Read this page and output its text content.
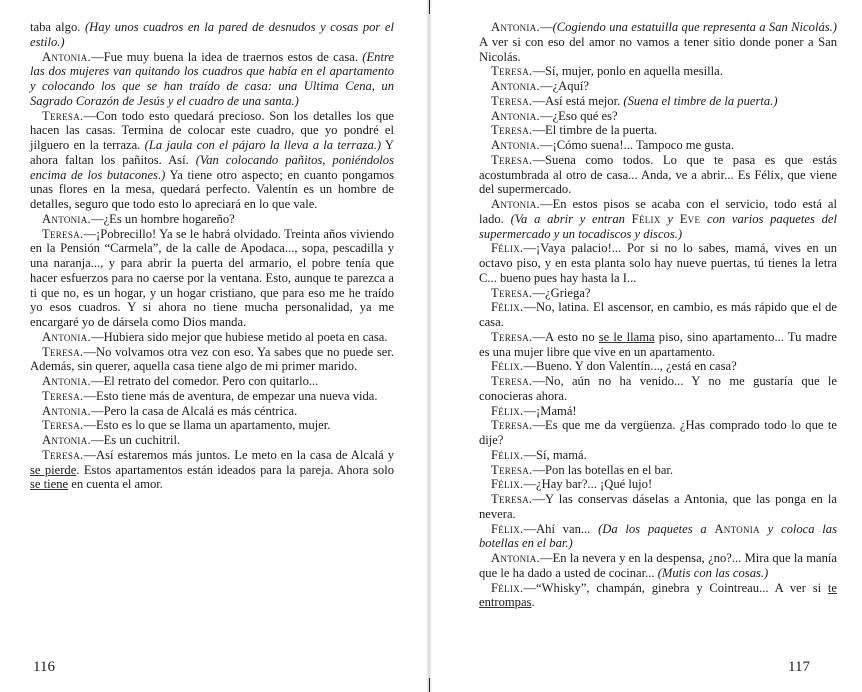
taba algo. (Hay unos cuadros en la pared de desnudos y cosas por el estilo.)

Antonia.—Fue muy buena la idea de traernos estos de casa. (Entre las dos mujeres van quitando los cuadros que había en el apartamento y colocando los que se han traído de casa: una Ultima Cena, un Sagrado Corazón de Jesús y el cuadro de una santa.)

Teresa.—Con todo esto quedará precioso. Son los detalles los que hacen las casas. Termina de colocar este cuadro, que yo pondré el jilguero en la terraza. (La jaula con el pájaro la lleva a la terraza.) Y ahora faltan los pañitos. Así. (Van colocando pañitos, poniéndolos encima de los butacones.) Ya tiene otro aspecto; en cuanto pongamos unas flores en la mesa, quedará perfecto. Valentín es un hombre de detalles, seguro que todo esto lo apreciará en lo que vale.

Antonia.—¿Es un hombre hogareño?

Teresa.—¡Pobrecillo! Ya se le habrá olvidado. Treinta años viviendo en la Pensión “Carmela”, de la calle de Apodaca..., sopa, pescadilla y una naranja..., y para abrir la puerta del armario, el pobre tenía que hacer esfuerzos para no caerse por la ventana. Esto, aunque te parezca a ti que no, es un hogar, y un hogar cristiano, que para eso me he traído yo esos cuadros. Y si ahora no tiene mucha personalidad, ya me encargaré yo de dársela como Dios manda.

Antonia.—Hubiera sido mejor que hubiese metido al poeta en casa.

Teresa.—No volvamos otra vez con eso. Ya sabes que no puede ser. Además, sin querer, aquella casa tiene algo de mi primer marido.

Antonia.—El retrato del comedor. Pero con quitarlo...

Teresa.—Esto tiene más de aventura, de empezar una nueva vida.

Antonia.—Pero la casa de Alcalá es más céntrica.

Teresa.—Esto es lo que se llama un apartamento, mujer.

Antonia.—Es un cuchitril.

Teresa.—Así estaremos más juntos. Le meto en la casa de Alcalá y se pierde. Estos apartamentos están ideados para la pareja. Ahora solo se tiene en cuenta el amor.

116

Antonia.—(Cogiendo una estatuilla que representa a San Nicolás.) A ver si con eso del amor no vamos a tener sitio donde poner a San Nicolás.

Teresa.—Sí, mujer, ponlo en aquella mesilla.

Antonia.—¿Aquí?

Teresa.—Así está mejor. (Suena el timbre de la puerta.)

Antonia.—¿Eso qué es?

Teresa.—El timbre de la puerta.

Antonia.—¡Cómo suena!... Tampoco me gusta.

Teresa.—Suena como todos. Lo que te pasa es que estás acostumbrada al otro de casa... Anda, ve a abrir... Es Félix, que viene del supermercado.

Antonia.—En estos pisos se acaba con el servicio, todo está al lado. (Va a abrir y entran Félix y Eve con varios paquetes del supermercado y un tocadiscos y discos.)

Félix.—¡Vaya palacio!... Por si no lo sabes, mamá, vives en un octavo piso, y en esta planta solo hay nueve puertas, tú tienes la letra C... bueno pues hay hasta la I...

Teresa.—¿Griega?

Félix.—No, latina. El ascensor, en cambio, es más rápido que el de casa.

Teresa.—A esto no se le llama piso, sino apartamento... Tu madre es una mujer libre que vive en un apartamento.

Félix.—Bueno. Y don Valentín..., ¿está en casa?

Teresa.—No, aún no ha venido... Y no me gustaría que le conocieras ahora.

Félix.—¡Mamá!

Teresa.—Es que me da vergüenza. ¿Has comprado todo lo que te dije?

Félix.—Sí, mamá.

Teresa.—Pon las botellas en el bar.

Félix.—¿Hay bar?... ¡Qué lujo!

Teresa.—Y las conservas dáselas a Antonia, que las ponga en la nevera.

Félix.—Ahí van... (Da los paquetes a Antonia y coloca las botellas en el bar.)

Antonia.—En la nevera y en la despensa, ¿no?... Mira que la manía que le ha dado a usted de cocinar... (Mutis con las cosas.)

Félix.—“Whisky”, champán, ginebra y Cointreau... A ver si te entrompas.

117
